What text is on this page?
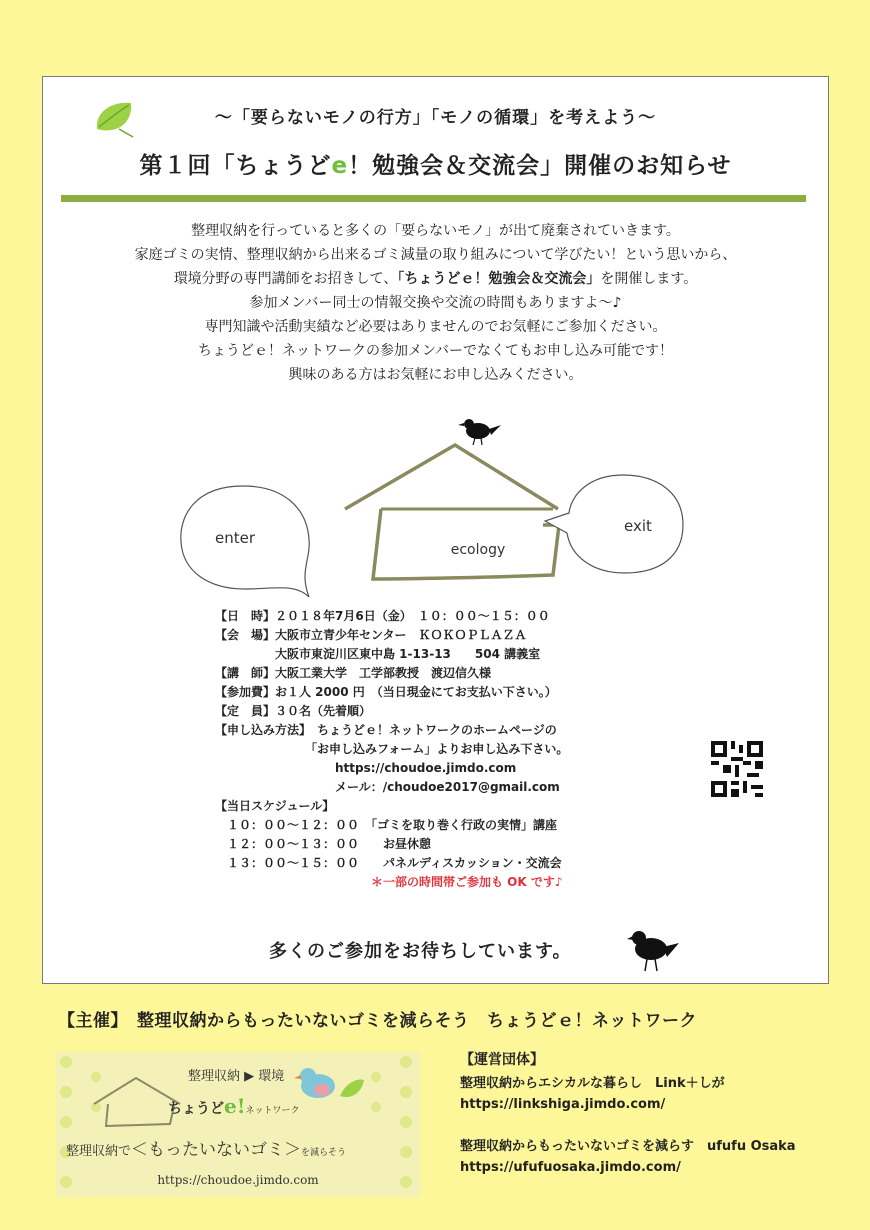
～「要らないモノの行方」「モノの循環」を考えよう～
第１回「ちょうどe！勉強会＆交流会」開催のお知らせ
整理収納を行っていると多くの「要らないモノ」が出て廃棄されていきます。
家庭ゴミの実情、整理収納から出来るゴミ減量の取り組みについて学びたい！という思いから、
環境分野の専門講師をお招きして、「ちょうどｅ！勉強会＆交流会」を開催します。
参加メンバー同士の情報交換や交流の時間もありますよ～♪
専門知識や活動実績など必要はありませんのでお気軽にご参加ください。
ちょうどｅ！ネットワークの参加メンバーでなくてもお申し込み可能です！
興味のある方はお気軽にお申し込みください。
enter
ecology
exit
【日　時】２０１８年7月6日（金）　１０：００～１５：００
【会　場】大阪市立青少年センター　ＫＯＫＯＰＬＡＺＡ
　　　　　大阪市東淀川区東中島 1-13-13　　504 講義室
【講　師】大阪工業大学　工学部教授　渡辺信久様
【参加費】お１人 2000 円　（当日現金にてお支払い下さい。）
【定　員】３０名（先着順）
【申し込み方法】　ちょうどｅ！ネットワークのホームページの
　　　　　　　　「お申し込みフォーム」よりお申し込み下さい。
　　　　　　　　　　https://choudoe.jimdo.com
　　　　　　　　　　メール：/choudoe2017@gmail.com
【当日スケジュール】
　１０：００～１２：００　「ゴミを取り巻く行政の実情」講座
　１２：００～１３：００　　お昼休憩
　１３：００～１５：００　　パネルディスカッション・交流会
　　　　　　　　　　　　　＊一部の時間帯ご参加も OK です♪
多くのご参加をお待ちしています。
【主催】　整理収納からもったいないゴミを減らそう　ちょうどｅ！ネットワーク
整理収納 ▶ 環境
ちょうどe!ネットワーク
整理収納で＜もったいないゴミ＞を減らそう
https://choudoe.jimdo.com
【運営団体】
整理収納からエシカルな暮らし　Link＋しが
https://linkshiga.jimdo.com/
整理収納からもったいないゴミを減らす　ufufu Osaka
https://ufufuosaka.jimdo.com/
